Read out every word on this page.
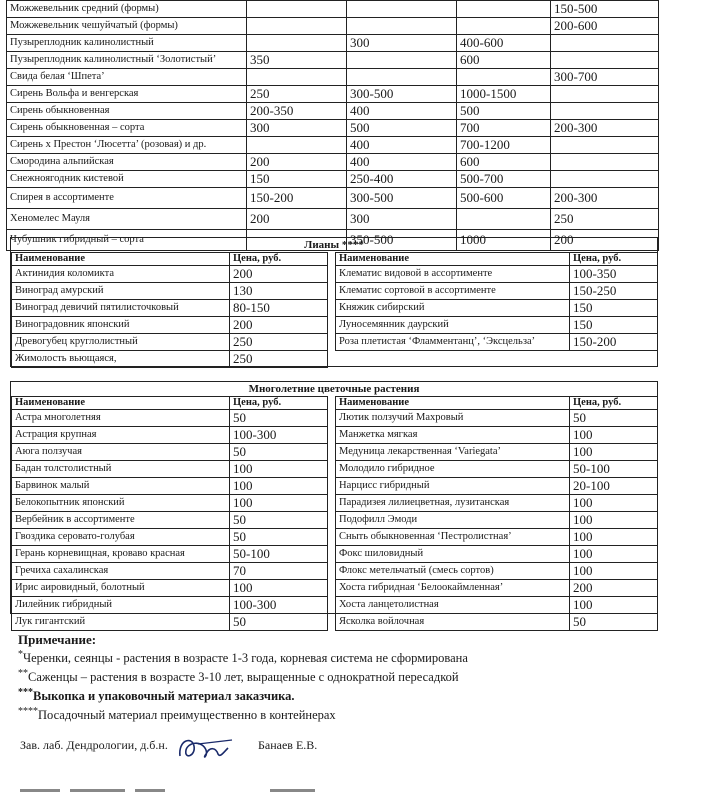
Можжевельник средний (формы)				150-500
Можжевельник чешуйчатый (формы)				200-600
Пузыреплодник калинолистный		300	400-600	
Пузыреплодник калинолистный ‘Золотистый’	350		600	
Свида белая ‘Шпета’				300-700
Сирень Вольфа и венгерская	250	300-500	1000-1500	
Сирень обыкновенная	200-350	400	500	
Сирень обыкновенная – сорта	300	500	700	200-300
Сирень х Престон ‘Люсетта’ (розовая) и др.		400	700-1200	
Смородина альпийская	200	400	600	
Снежноягодник кистевой	150	250-400	500-700	
Спирея в ассортименте	150-200	300-500	500-600	200-300
Хеномелес Мауля	200	300		250
Чубушник гибридный – сорта		350-500	1000	200
Лианы ****
Наименование	Цена, руб.
Актинидия коломикта	200
Виноград амурский	130
Виноград девичий пятилисточковый	80-150
Виноградовник японский	200
Древогубец круглолистный	250
Жимолость вьющаяся,	250
Наименование	Цена, руб.
Клематис видовой в ассортименте	100-350
Клематис сортовой в ассортименте	150-250
Княжик сибирский	150
Луносемянник даурский	150
Роза плетистая ‘Фламментанц’, ‘Эксцельза’	150-200
Многолетние цветочные растения
Наименование	Цена, руб.
Астра многолетняя	50
Астрация крупная	100-300
Аюга ползучая	50
Бадан толстолистный	100
Барвинок малый	100
Белокопытник японский	100
Вербейник в ассортименте	50
Гвоздика серовато-голубая	50
Герань корневищная, кроваво красная	50-100
Гречиха сахалинская	70
Ирис аировидный, болотный	100
Лилейник гибридный	100-300
Лук гигантский	50
Наименование	Цена, руб.
Лютик ползучий Махровый	50
Манжетка мягкая	100
Медуница лекарственная ‘Variegata’	100
Молодило гибридное	50-100
Нарцисс гибридный	20-100
Парадизея лилиецветная, лузитанская	100
Подофилл Эмоди	100
Сныть обыкновенная ‘Пестролистная’	100
Фокс шиловидный	100
Флокс метельчатый (смесь сортов)	100
Хоста гибридная ‘Белоокаймленная’	200
Хоста ланцетолистная	100
Ясколка войлочная	50
Примечание:
*Черенки, сеянцы - растения в возрасте 1-3 года, корневая система не сформирована
**Саженцы – растения в возрасте 3-10 лет, выращенные с однократной пересадкой
***Выкопка и упаковочный материал заказчика.
****Посадочный материал преимущественно в контейнерах
Зав. лаб. Дендрологии, д.б.н.	Банаев Е.В.
